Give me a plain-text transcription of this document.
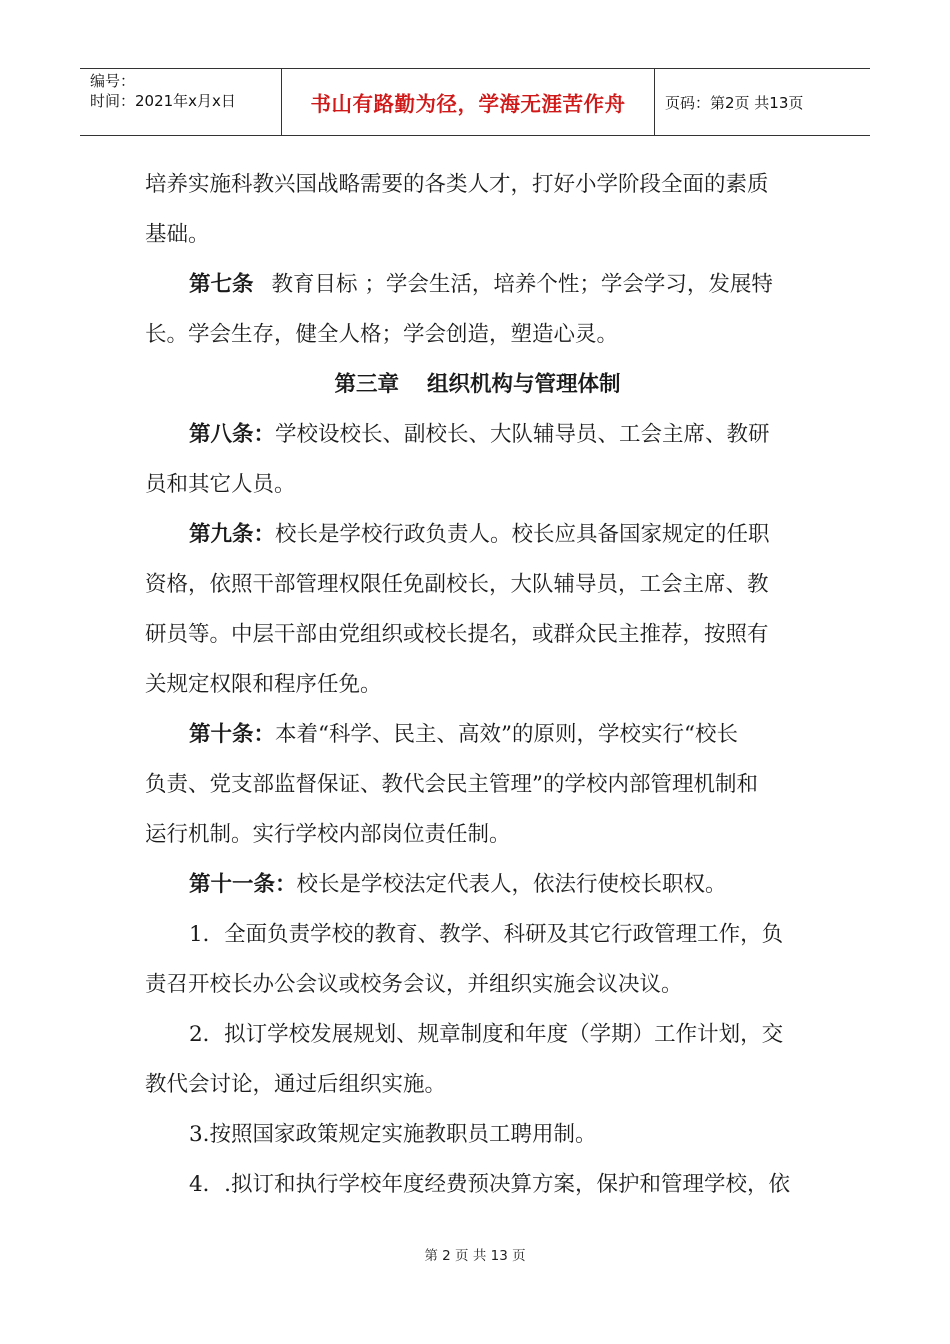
编号：
时间：2021年x月x日	书山有路勤为径，学海无涯苦作舟	页码：第2页 共13页
培养实施科教兴国战略需要的各类人才，打好小学阶段全面的素质
基础。
第七条 教育目标 ；学会生活，培养个性；学会学习，发展特
长。学会生存，健全人格；学会创造，塑造心灵。
第三章 组织机构与管理体制
第八条：学校设校长、副校长、大队辅导员、工会主席、教研
员和其它人员。
第九条：校长是学校行政负责人。校长应具备国家规定的任职
资格，依照干部管理权限任免副校长，大队辅导员，工会主席、教
研员等。中层干部由党组织或校长提名，或群众民主推荐，按照有
关规定权限和程序任免。
第十条：本着“科学、民主、高效”的原则，学校实行“校长
负责、党支部监督保证、教代会民主管理”的学校内部管理机制和
运行机制。实行学校内部岗位责任制。
第十一条：校长是学校法定代表人，依法行使校长职权。
1．全面负责学校的教育、教学、科研及其它行政管理工作，负
责召开校长办公会议或校务会议，并组织实施会议决议。
2．拟订学校发展规划、规章制度和年度（学期）工作计划，交
教代会讨论，通过后组织实施。
3.按照国家政策规定实施教职员工聘用制。
4．.拟订和执行学校年度经费预决算方案，保护和管理学校，依
第 2 页 共 13 页
